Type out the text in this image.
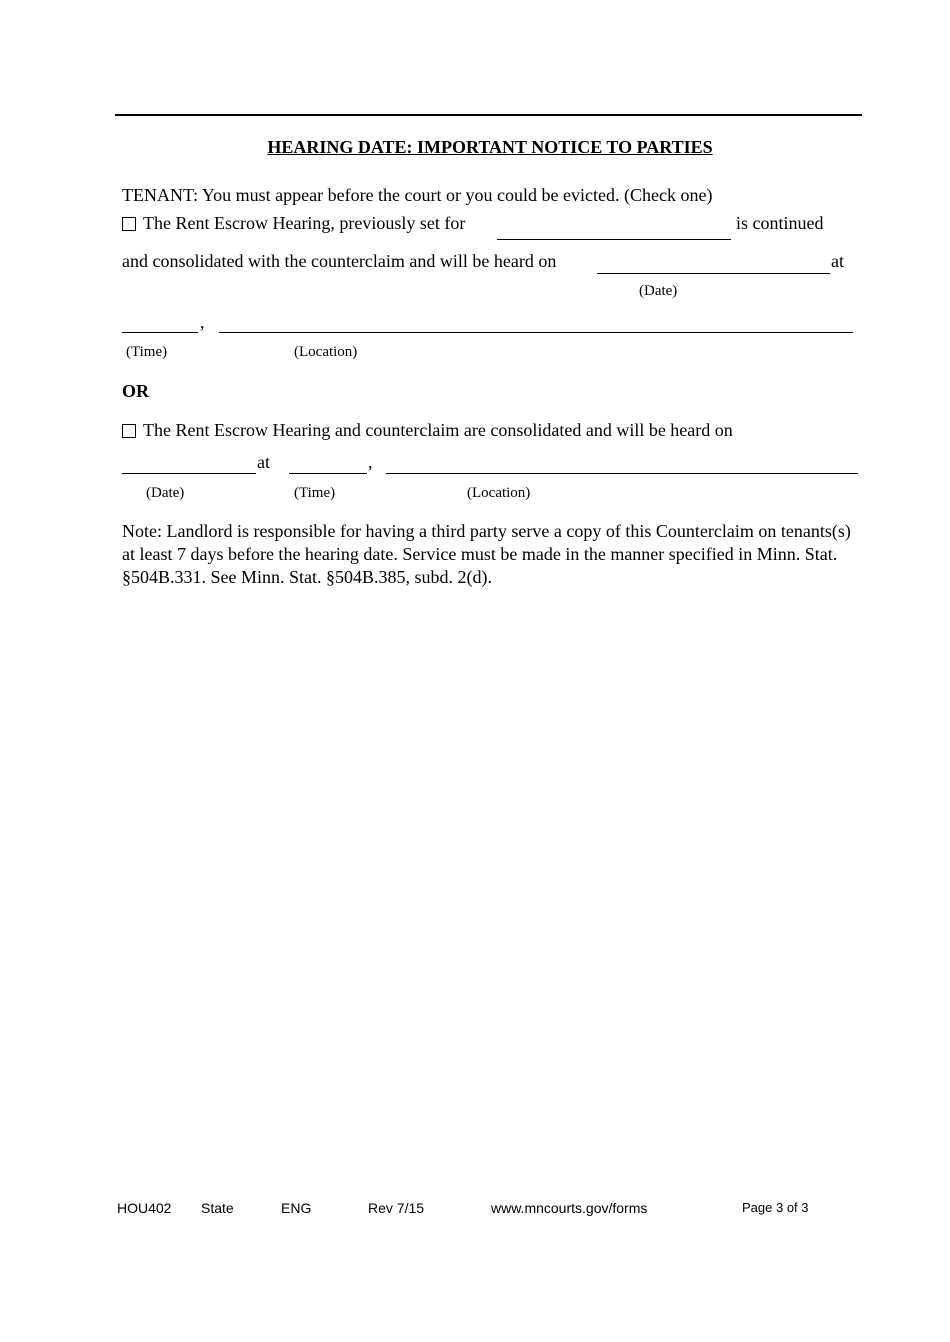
HEARING DATE: IMPORTANT NOTICE TO PARTIES
TENANT: You must appear before the court or you could be evicted. (Check one)
The Rent Escrow Hearing, previously set for	is continued
and consolidated with the counterclaim and will be heard on	at
(Date)
,
(Time)	(Location)
OR
The Rent Escrow Hearing and counterclaim are consolidated and will be heard on
at	,
(Date)	(Time)	(Location)
Note: Landlord is responsible for having a third party serve a copy of this Counterclaim on tenants(s) at least 7 days before the hearing date. Service must be made in the manner specified in Minn. Stat. §504B.331. See Minn. Stat. §504B.385, subd. 2(d).
HOU402 State	ENG	Rev 7/15	www.mncourts.gov/forms	Page 3 of 3
